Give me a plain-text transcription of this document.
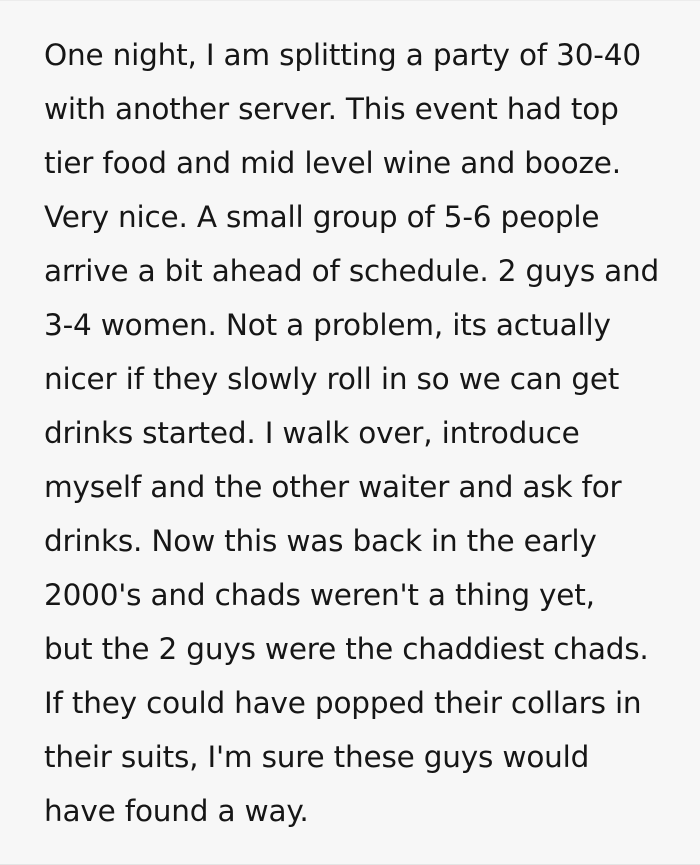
One night, I am splitting a party of 30-40
with another server. This event had top
tier food and mid level wine and booze.
Very nice. A small group of 5-6 people
arrive a bit ahead of schedule. 2 guys and
3-4 women. Not a problem, its actually
nicer if they slowly roll in so we can get
drinks started. I walk over, introduce
myself and the other waiter and ask for
drinks. Now this was back in the early
2000's and chads weren't a thing yet,
but the 2 guys were the chaddiest chads.
If they could have popped their collars in
their suits, I'm sure these guys would
have found a way.
